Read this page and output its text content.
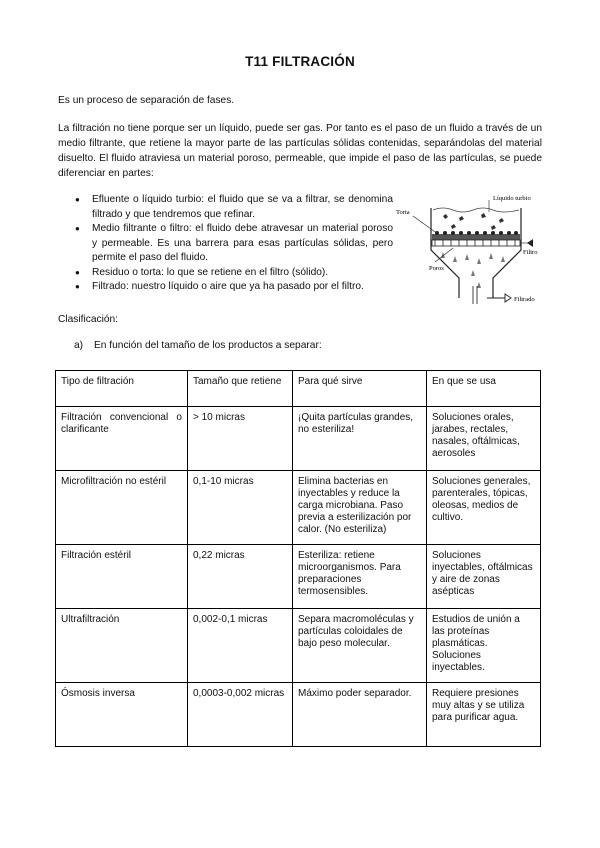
T11 FILTRACIÓN

Es un proceso de separación de fases.

La filtración no tiene porque ser un líquido, puede ser gas. Por tanto es el paso de un fluido a través de un medio filtrante, que retiene la mayor parte de las partículas sólidas contenidas, separándolas del material disuelto. El fluido atraviesa un material poroso, permeable, que impide el paso de las partículas, se puede diferenciar en partes:

● Efluente o líquido turbio: el fluido que se va a filtrar, se denomina filtrado y que tendremos que refinar.
● Medio filtrante o filtro: el fluido debe atravesar un material poroso y permeable. Es una barrera para esas partículas sólidas, pero permite el paso del fluido.
● Residuo o torta: lo que se retiene en el filtro (sólido).
● Filtrado: nuestro líquido o aire que ya ha pasado por el filtro.
Líquido turbio
Torta
Filtro
Poros
Filtrado

Clasificación:

a) En función del tamaño de los productos a separar:
Tipo de filtración	Tamaño que retiene	Para qué sirve	En que se usa
Filtración convencional o clarificante	> 10 micras	¡Quita partículas grandes, no esteriliza!	Soluciones orales, jarabes, rectales, nasales, oftálmicas, aerosoles
Microfiltración no estéril	0,1-10 micras	Elimina bacterias en inyectables y reduce la carga microbiana. Paso previa a esterilización por calor. (No esteriliza)	Soluciones generales, parenterales, tópicas, oleosas, medios de cultivo.
Filtración estéril	0,22 micras	Esteriliza: retiene microorganismos. Para preparaciones termosensibles.	Soluciones inyectables, oftálmicas y aire de zonas asépticas
Ultrafiltración	0,002-0,1 micras	Separa macromoléculas y partículas coloidales de bajo peso molecular.	Estudios de unión a las proteínas plasmáticas. Soluciones inyectables.
Ósmosis inversa	0,0003-0,002 micras	Máximo poder separador.	Requiere presiones muy altas y se utiliza para purificar agua.
